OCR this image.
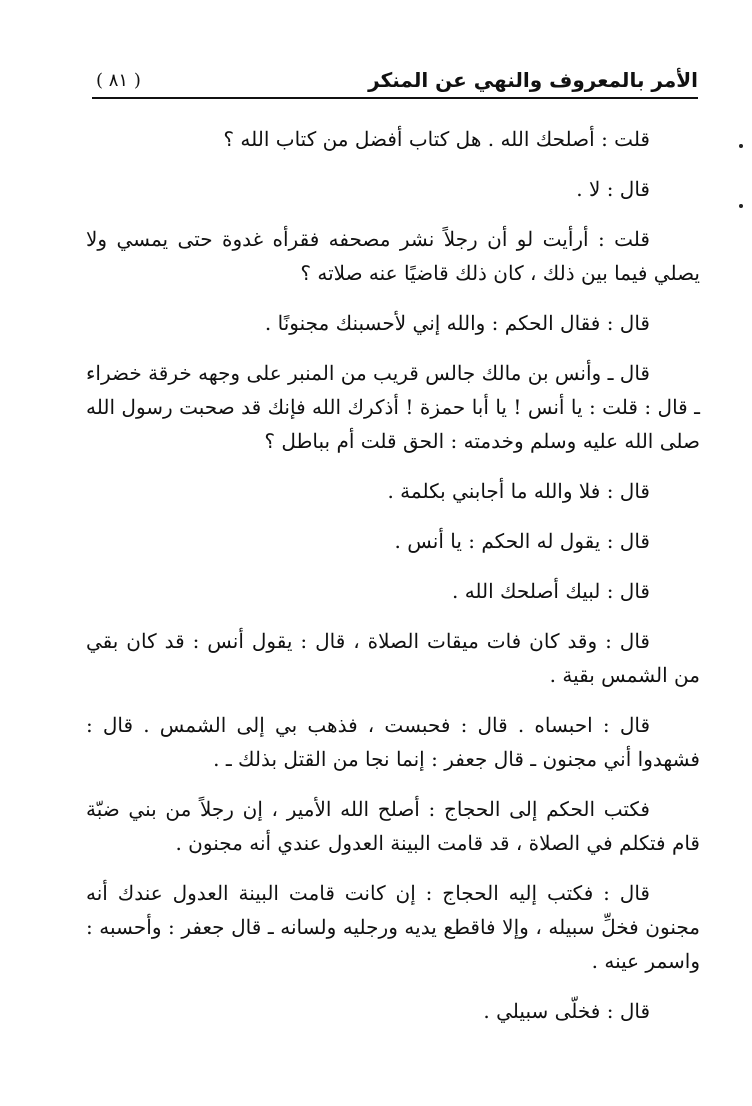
الأمر بالمعروف والنهي عن المنكر
( ٨١ )

قلت : أصلحك الله . هل كتاب أفضل من كتاب الله ؟

قال : لا .

قلت : أرأيت لو أن رجلاً نشر مصحفه فقرأه غدوة حتى يمسي ولا يصلي فيما بين ذلك ، كان ذلك قاضيًا عنه صلاته ؟

قال : فقال الحكم : والله إني لأحسبنك مجنونًا .

قال ـ وأنس بن مالك جالس قريب من المنبر على وجهه خرقة خضراء ـ قال : قلت : يا أنس ! يا أبا حمزة ! أذكرك الله فإنك قد صحبت رسول الله صلى الله عليه وسلم وخدمته : الحق قلت أم بباطل ؟

قال : فلا والله ما أجابني بكلمة .

قال : يقول له الحكم : يا أنس .

قال : لبيك أصلحك الله .

قال : وقد كان فات ميقات الصلاة ، قال : يقول أنس : قد كان بقي من الشمس بقية .

قال : احبساه . قال : فحبست ، فذهب بي إلى الشمس . قال : فشهدوا أني مجنون ـ قال جعفر : إنما نجا من القتل بذلك ـ .

فكتب الحكم إلى الحجاج : أصلح الله الأمير ، إن رجلاً من بني ضبّة قام فتكلم في الصلاة ، قد قامت البينة العدول عندي أنه مجنون .

قال : فكتب إليه الحجاج : إن كانت قامت البينة العدول عندك أنه مجنون فخلِّ سبيله ، وإلا فاقطع يديه ورجليه ولسانه ـ قال جعفر : وأحسبه : واسمر عينه .

قال : فخلّى سبيلي .
